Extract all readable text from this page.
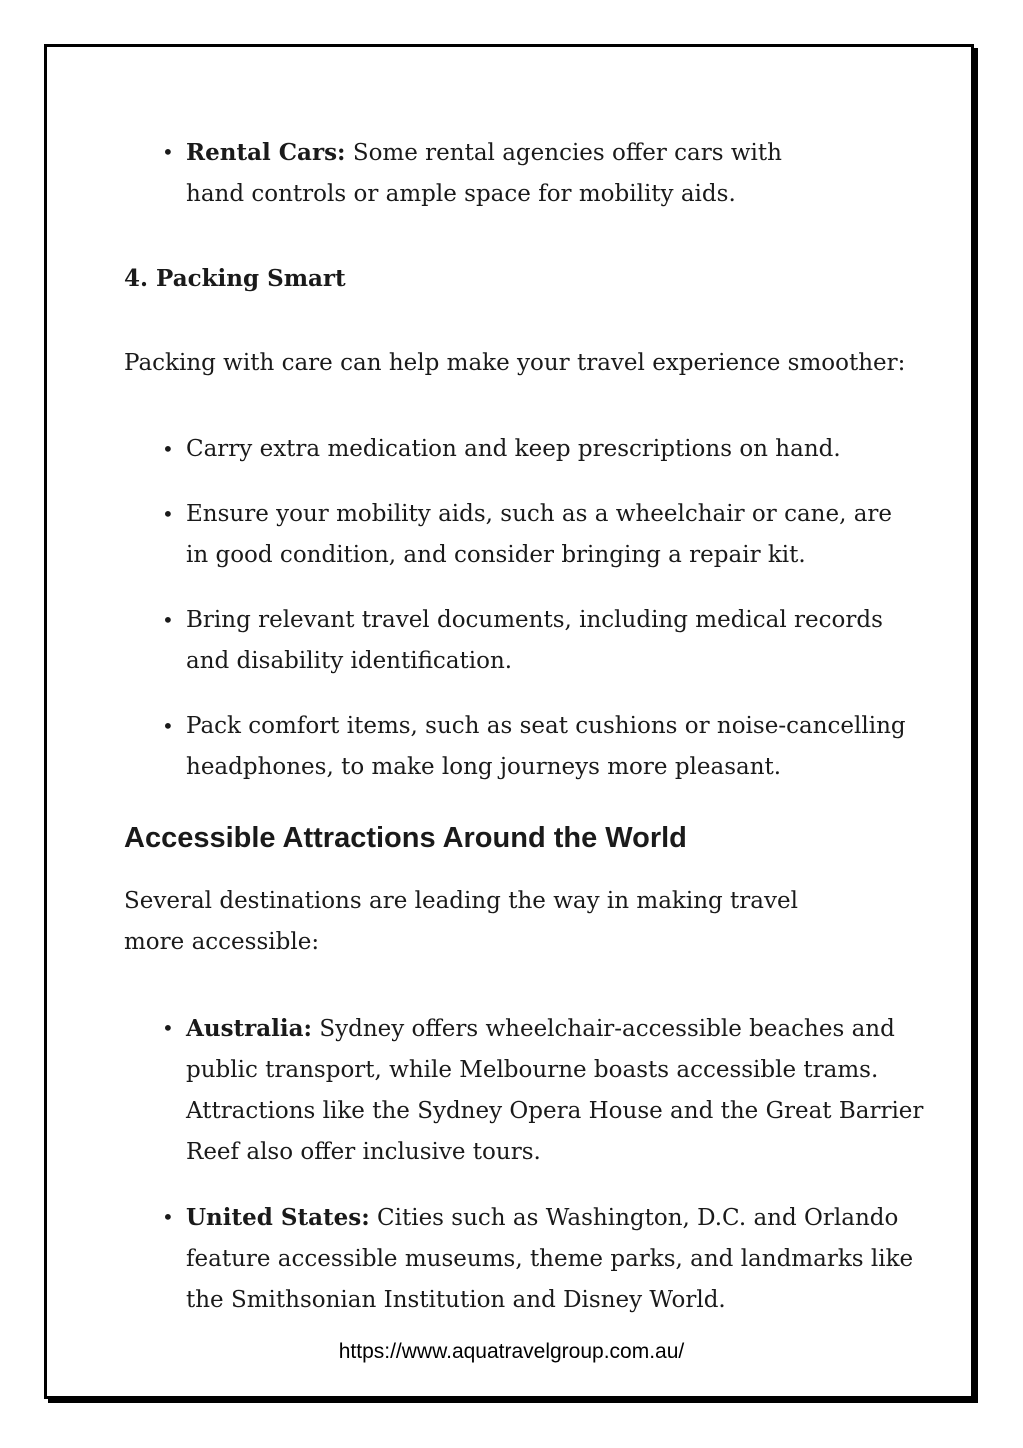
• Rental Cars: Some rental agencies offer cars with hand controls or ample space for mobility aids.
4. Packing Smart

Packing with care can help make your travel experience smoother:

• Carry extra medication and keep prescriptions on hand.
• Ensure your mobility aids, such as a wheelchair or cane, are in good condition, and consider bringing a repair kit.
• Bring relevant travel documents, including medical records and disability identification.
• Pack comfort items, such as seat cushions or noise-cancelling headphones, to make long journeys more pleasant.
Accessible Attractions Around the World

Several destinations are leading the way in making travel more accessible:

• Australia: Sydney offers wheelchair-accessible beaches and public transport, while Melbourne boasts accessible trams. Attractions like the Sydney Opera House and the Great Barrier Reef also offer inclusive tours.
• United States: Cities such as Washington, D.C. and Orlando feature accessible museums, theme parks, and landmarks like the Smithsonian Institution and Disney World.
https://www.aquatravelgroup.com.au/
